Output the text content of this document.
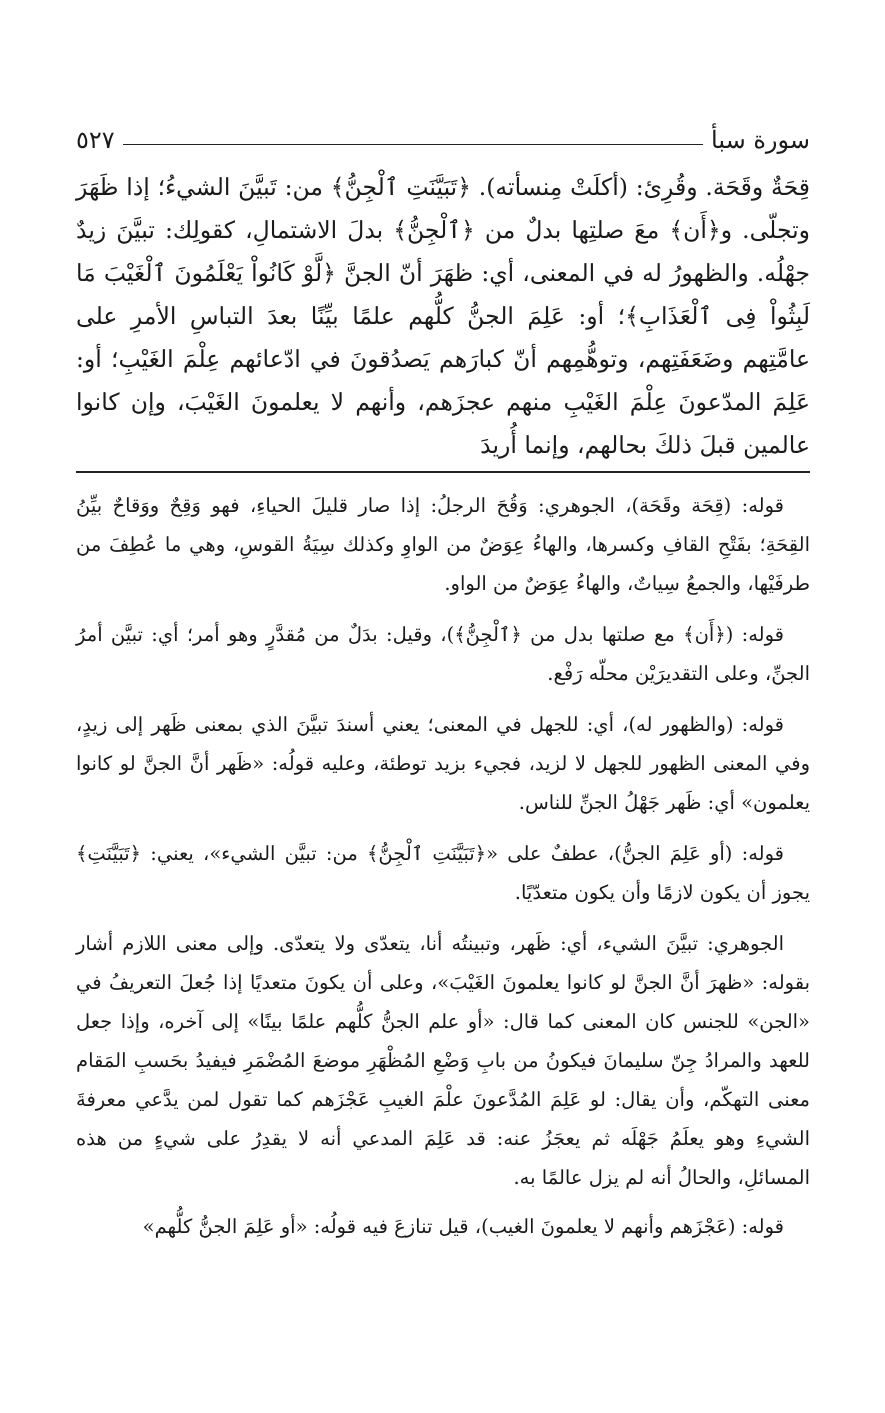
سورة سبأ
٥٢٧

قِحَةٌ وقَحَة. وقُرِئ: (أكلَتْ مِنسأته). ﴿تَبَيَّنَتِ ٱلْجِنُّ﴾ من: تَبيَّنَ الشيءُ؛ إذا ظَهَرَ وتجلّى. و﴿أَن﴾ معَ صلتِها بدلٌ من ﴿ٱلْجِنُّ﴾ بدلَ الاشتمالِ، كقولِك: تبيَّنَ زيدٌ جهْلُه. والظهورُ له في المعنى، أي: ظهَرَ أنّ الجنَّ ﴿لَّوْ كَانُواْ يَعْلَمُونَ ٱلْغَيْبَ مَا لَبِثُواْ فِى ٱلْعَذَابِ﴾؛ أو: عَلِمَ الجنُّ كلُّهم علمًا بيِّنًا بعدَ التباسِ الأمرِ على عامَّتِهم وضَعَفَتِهم، وتوهُّمِهم أنّ كبارَهم يَصدُقونَ في ادّعائهم عِلْمَ الغَيْبِ؛ أو: عَلِمَ المدّعونَ عِلْمَ الغَيْبِ منهم عجزَهم، وأنهم لا يعلمونَ الغَيْبَ، وإن كانوا عالمين قبلَ ذلكَ بحالهم، وإنما أُريدَ

قوله: (قِحَة وقَحَة)، الجوهري: وَقُحَ الرجلُ: إذا صار قليلَ الحياءِ، فهو وَقِحٌ ووَقاحٌ بيِّنُ القِحَةِ؛ بفَتْحِ القافِ وكسرها، والهاءُ عِوَضٌ من الواوِ وكذلك سِيَةُ القوسِ، وهي ما عُطِفَ من طرفَيْها، والجمعُ سِياتٌ، والهاءُ عِوَضٌ من الواو.

قوله: (﴿أَن﴾ مع صلتها بدل من ﴿ٱلْجِنُّ﴾)، وقيل: بدَلٌ من مُقدَّرٍ وهو أمر؛ أي: تبيَّن أمرُ الجنِّ، وعلى التقديرَيْن محلّه رَفْع.

قوله: (والظهور له)، أي: للجهل في المعنى؛ يعني أسندَ تبيَّنَ الذي بمعنى ظَهر إلى زيدٍ، وفي المعنى الظهور للجهل لا لزيد، فجيء بزيد توطئة، وعليه قولُه: «ظَهر أنَّ الجنَّ لو كانوا يعلمون» أي: ظَهر جَهْلُ الجنِّ للناس.

قوله: (أو عَلِمَ الجنُّ)، عطفٌ على «﴿تَبَيَّنَتِ ٱلْجِنُّ﴾ من: تبيَّن الشيء»، يعني: ﴿تَبَيَّنَتِ﴾ يجوز أن يكون لازمًا وأن يكون متعدّيًا.

الجوهري: تبيَّنَ الشيء، أي: ظَهر، وتبينتُه أنا، يتعدّى ولا يتعدّى. وإلى معنى اللازم أشار بقوله: «ظهرَ أنَّ الجنَّ لو كانوا يعلمونَ الغَيْبَ»، وعلى أن يكونَ متعديًا إذا جُعلَ التعريفُ في «الجن» للجنس كان المعنى كما قال: «أو علم الجنُّ كلُّهم علمًا بينًا» إلى آخره، وإذا جعل للعهد والمرادُ جِنّ سليمانَ فيكونُ من بابِ وَضْعِ المُظْهَرِ موضعَ المُضْمَرِ فيفيدُ بحَسبِ المَقام معنى التهكّم، وأن يقال: لو عَلِمَ المُدَّعونَ علْمَ الغيبِ عَجْزَهم كما تقول لمن يدَّعي معرفةَ الشيءِ وهو يعلَمُ جَهْلَه ثم يعجَزُ عنه: قد عَلِمَ المدعي أنه لا يقدِرُ على شيءٍ من هذه المسائلِ، والحالُ أنه لم يزل عالمًا به.

قوله: (عَجْزَهم وأنهم لا يعلمونَ الغيب)، قيل تنازعَ فيه قولُه: «أو عَلِمَ الجنُّ كلُّهم»
